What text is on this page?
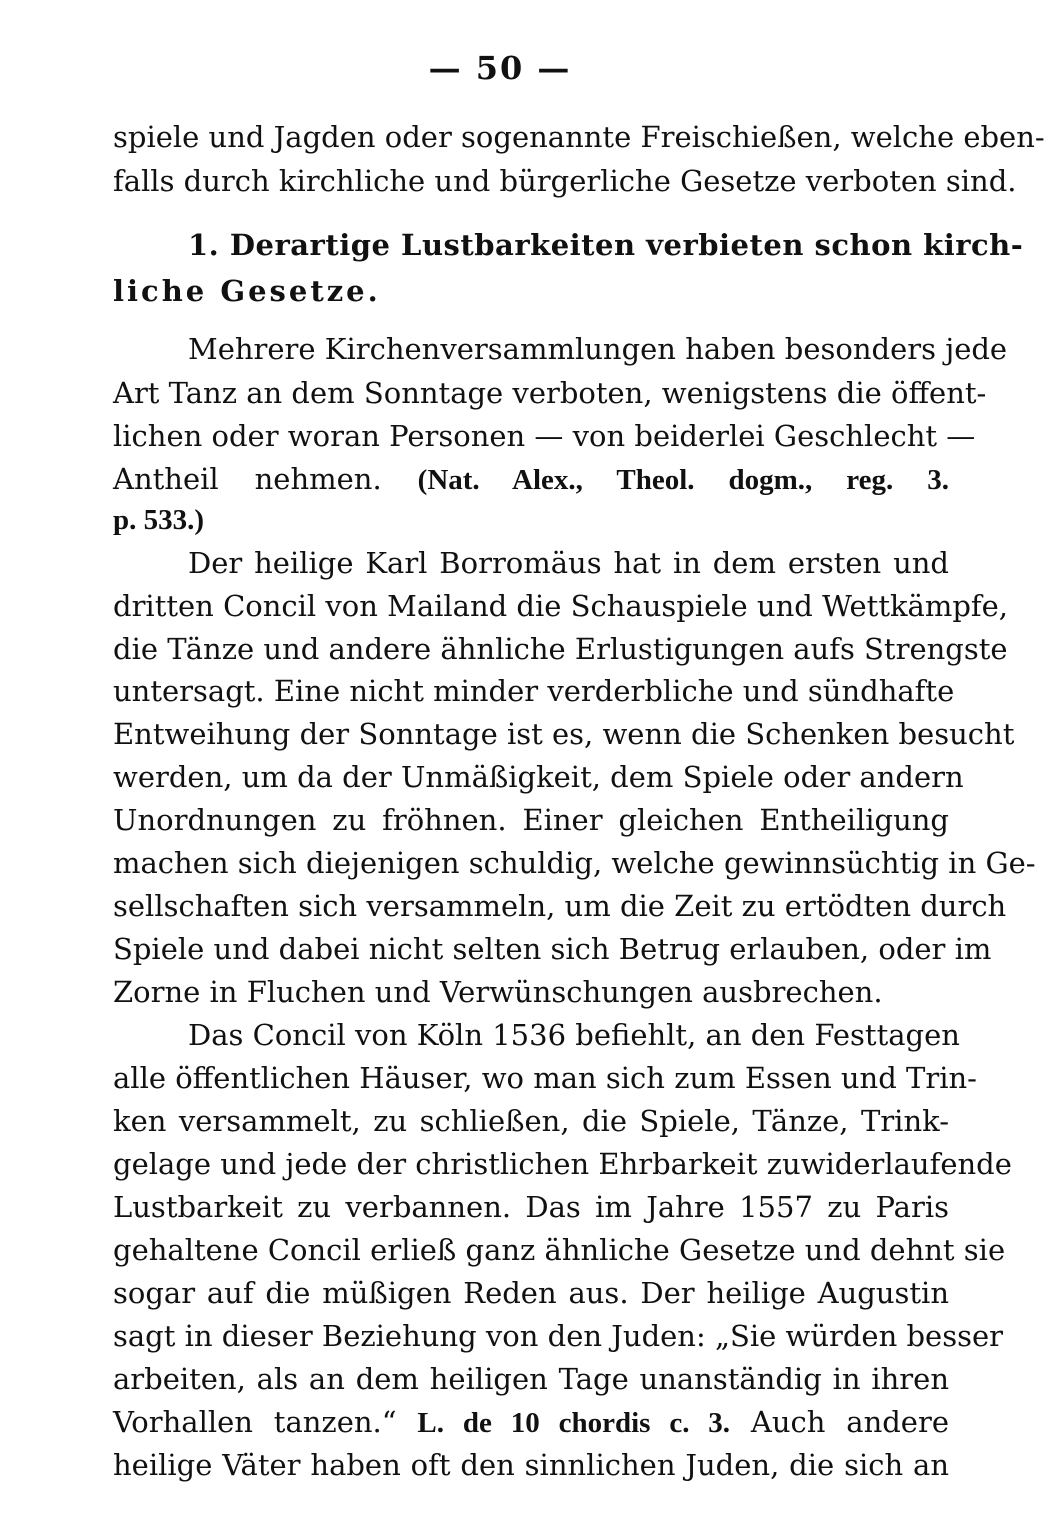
— 50 —
spiele und Jagden oder sogenannte Freischießen, welche eben-
falls durch kirchliche und bürgerliche Gesetze verboten sind.
1. Derartige Lustbarkeiten verbieten schon kirch-
liche Gesetze.
Mehrere Kirchenversammlungen haben besonders jede
Art Tanz an dem Sonntage verboten, wenigstens die öffent-
lichen oder woran Personen — von beiderlei Geschlecht —
Antheil nehmen. (Nat. Alex., Theol. dogm., reg. 3.
p. 533.)
Der heilige Karl Borromäus hat in dem ersten und
dritten Concil von Mailand die Schauspiele und Wettkämpfe,
die Tänze und andere ähnliche Erlustigungen aufs Strengste
untersagt. Eine nicht minder verderbliche und sündhafte
Entweihung der Sonntage ist es, wenn die Schenken besucht
werden, um da der Unmäßigkeit, dem Spiele oder andern
Unordnungen zu fröhnen. Einer gleichen Entheiligung
machen sich diejenigen schuldig, welche gewinnsüchtig in Ge-
sellschaften sich versammeln, um die Zeit zu ertödten durch
Spiele und dabei nicht selten sich Betrug erlauben, oder im
Zorne in Fluchen und Verwünschungen ausbrechen.
Das Concil von Köln 1536 befiehlt, an den Festtagen
alle öffentlichen Häuser, wo man sich zum Essen und Trin-
ken versammelt, zu schließen, die Spiele, Tänze, Trink-
gelage und jede der christlichen Ehrbarkeit zuwiderlaufende
Lustbarkeit zu verbannen. Das im Jahre 1557 zu Paris
gehaltene Concil erließ ganz ähnliche Gesetze und dehnt sie
sogar auf die müßigen Reden aus. Der heilige Augustin
sagt in dieser Beziehung von den Juden: „Sie würden besser
arbeiten, als an dem heiligen Tage unanständig in ihren
Vorhallen tanzen.“ L. de 10 chordis c. 3. Auch andere
heilige Väter haben oft den sinnlichen Juden, die sich an
